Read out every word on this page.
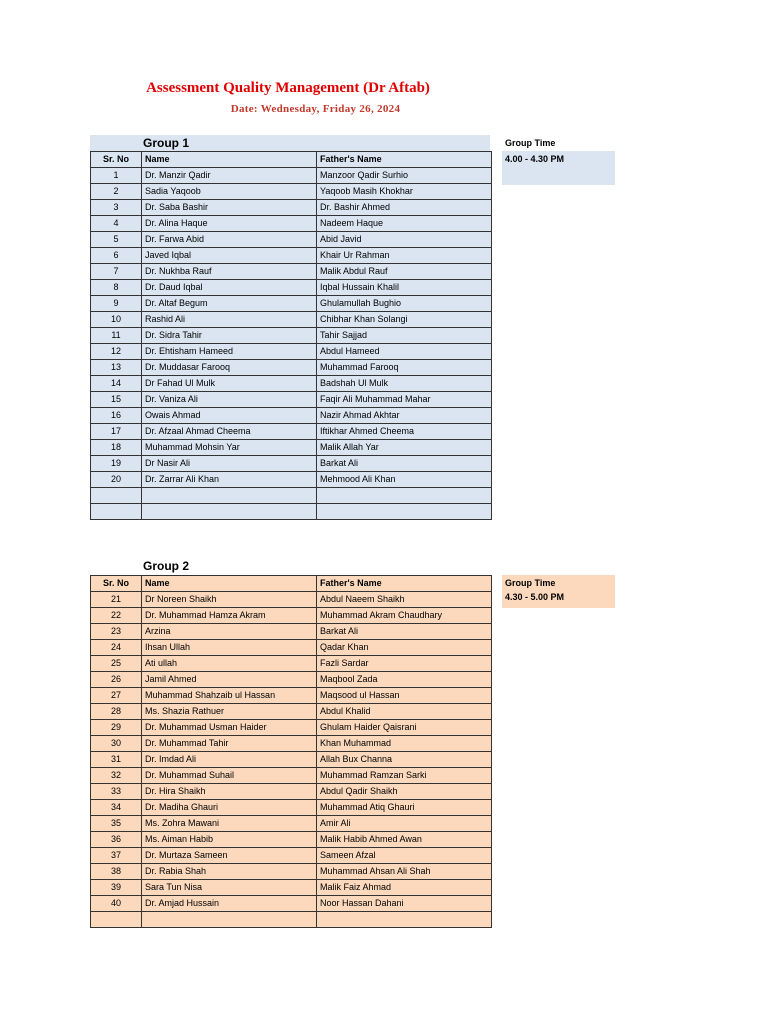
Assessment Quality Management (Dr Aftab)
Date: Wednesday, Friday 26, 2024
Group 1	Group Time
4.00 - 4.30 PM
Sr. No	Name	Father's Name
1	Dr. Manzir Qadir	Manzoor Qadir Surhio
2	Sadia Yaqoob	Yaqoob Masih Khokhar
3	Dr. Saba Bashir	Dr. Bashir Ahmed
4	Dr. Alina Haque	Nadeem Haque
5	Dr. Farwa Abid	Abid Javid
6	Javed Iqbal	Khair Ur Rahman
7	Dr. Nukhba Rauf	Malik Abdul Rauf
8	Dr. Daud Iqbal	Iqbal Hussain Khalil
9	Dr. Altaf Begum	Ghulamullah Bughio
10	Rashid Ali	Chibhar Khan Solangi
11	Dr. Sidra Tahir	Tahir Sajjad
12	Dr. Ehtisham Hameed	Abdul Hameed
13	Dr. Muddasar Farooq	Muhammad Farooq
14	Dr Fahad Ul Mulk	Badshah Ul Mulk
15	Dr. Vaniza Ali	Faqir Ali Muhammad Mahar
16	Owais Ahmad	Nazir Ahmad Akhtar
17	Dr. Afzaal Ahmad Cheema	Iftikhar Ahmed Cheema
18	Muhammad Mohsin Yar	Malik Allah Yar
19	Dr Nasir Ali	Barkat Ali
20	Dr. Zarrar Ali Khan	Mehmood Ali Khan

Group 2
Group Time
4.30 - 5.00 PM
Sr. No	Name	Father's Name
21	Dr Noreen Shaikh	Abdul Naeem Shaikh
22	Dr. Muhammad Hamza Akram	Muhammad Akram Chaudhary
23	Arzina	Barkat Ali
24	Ihsan Ullah	Qadar Khan
25	Ati ullah	Fazli Sardar
26	Jamil Ahmed	Maqbool Zada
27	Muhammad Shahzaib ul Hassan	Maqsood ul Hassan
28	Ms. Shazia Rathuer	Abdul Khalid
29	Dr. Muhammad Usman Haider	Ghulam Haider Qaisrani
30	Dr. Muhammad Tahir	Khan Muhammad
31	Dr. Imdad Ali	Allah Bux Channa
32	Dr. Muhammad Suhail	Muhammad Ramzan Sarki
33	Dr. Hira Shaikh	Abdul Qadir Shaikh
34	Dr. Madiha Ghauri	Muhammad Atiq Ghauri
35	Ms. Zohra Mawani	Amir Ali
36	Ms. Aiman Habib	Malik Habib Ahmed Awan
37	Dr. Murtaza Sameen	Sameen Afzal
38	Dr. Rabia Shah	Muhammad Ahsan Ali Shah
39	Sara Tun Nisa	Malik Faiz Ahmad
40	Dr. Amjad Hussain	Noor Hassan Dahani
